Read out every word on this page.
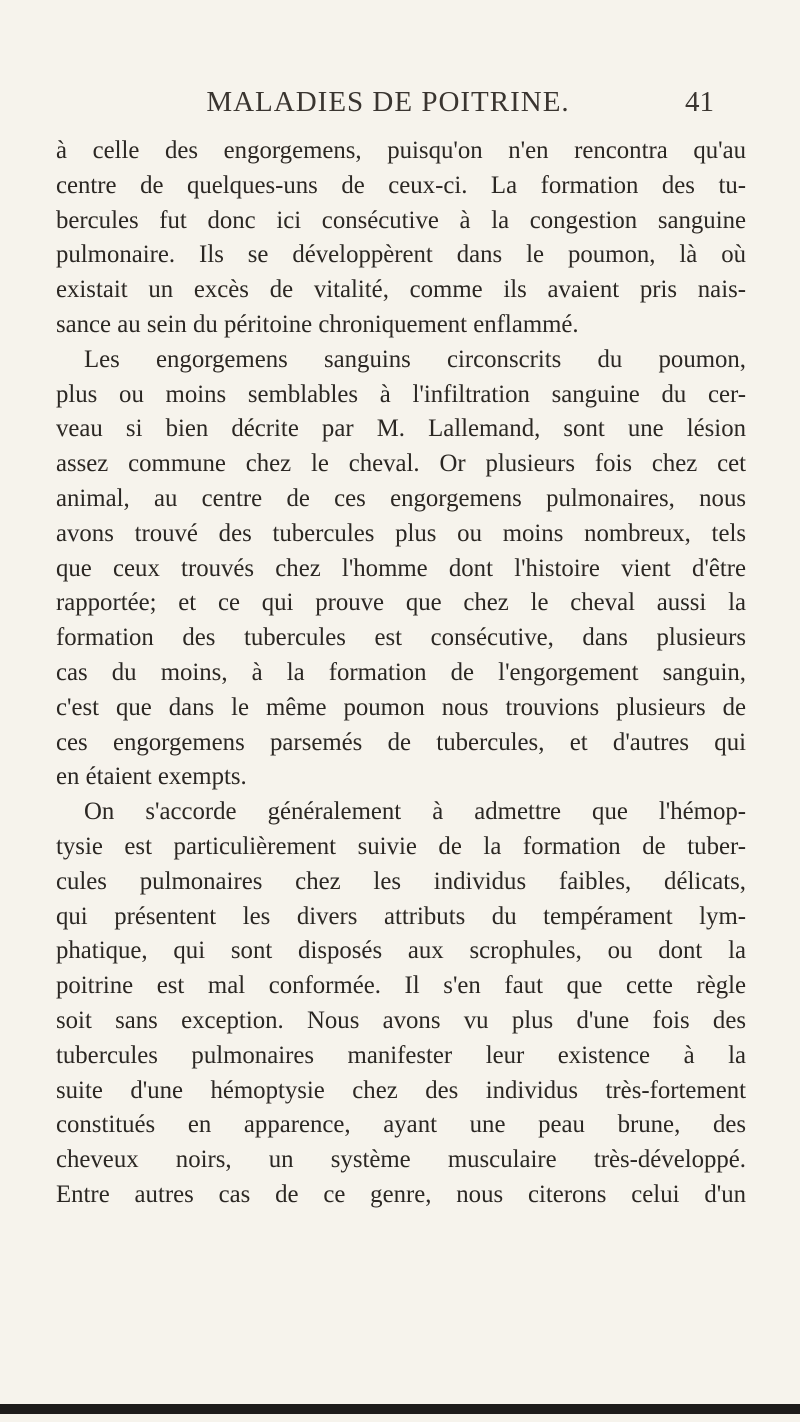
MALADIES DE POITRINE.	41
à celle des engorgemens, puisqu'on n'en rencontra qu'au
centre de quelques-uns de ceux-ci. La formation des tu-
bercules fut donc ici consécutive à la congestion sanguine
pulmonaire. Ils se développèrent dans le poumon, là où
existait un excès de vitalité, comme ils avaient pris nais-
sance au sein du péritoine chroniquement enflammé.
Les engorgemens sanguins circonscrits du poumon,
plus ou moins semblables à l'infiltration sanguine du cer-
veau si bien décrite par M. Lallemand, sont une lésion
assez commune chez le cheval. Or plusieurs fois chez cet
animal, au centre de ces engorgemens pulmonaires, nous
avons trouvé des tubercules plus ou moins nombreux, tels
que ceux trouvés chez l'homme dont l'histoire vient d'être
rapportée; et ce qui prouve que chez le cheval aussi la
formation des tubercules est consécutive, dans plusieurs
cas du moins, à la formation de l'engorgement sanguin,
c'est que dans le même poumon nous trouvions plusieurs de
ces engorgemens parsemés de tubercules, et d'autres qui
en étaient exempts.
On s'accorde généralement à admettre que l'hémop-
tysie est particulièrement suivie de la formation de tuber-
cules pulmonaires chez les individus faibles, délicats,
qui présentent les divers attributs du tempérament lym-
phatique, qui sont disposés aux scrophules, ou dont la
poitrine est mal conformée. Il s'en faut que cette règle
soit sans exception. Nous avons vu plus d'une fois des
tubercules pulmonaires manifester leur existence à la
suite d'une hémoptysie chez des individus très-fortement
constitués en apparence, ayant une peau brune, des
cheveux noirs, un système musculaire très-développé.
Entre autres cas de ce genre, nous citerons celui d'un
